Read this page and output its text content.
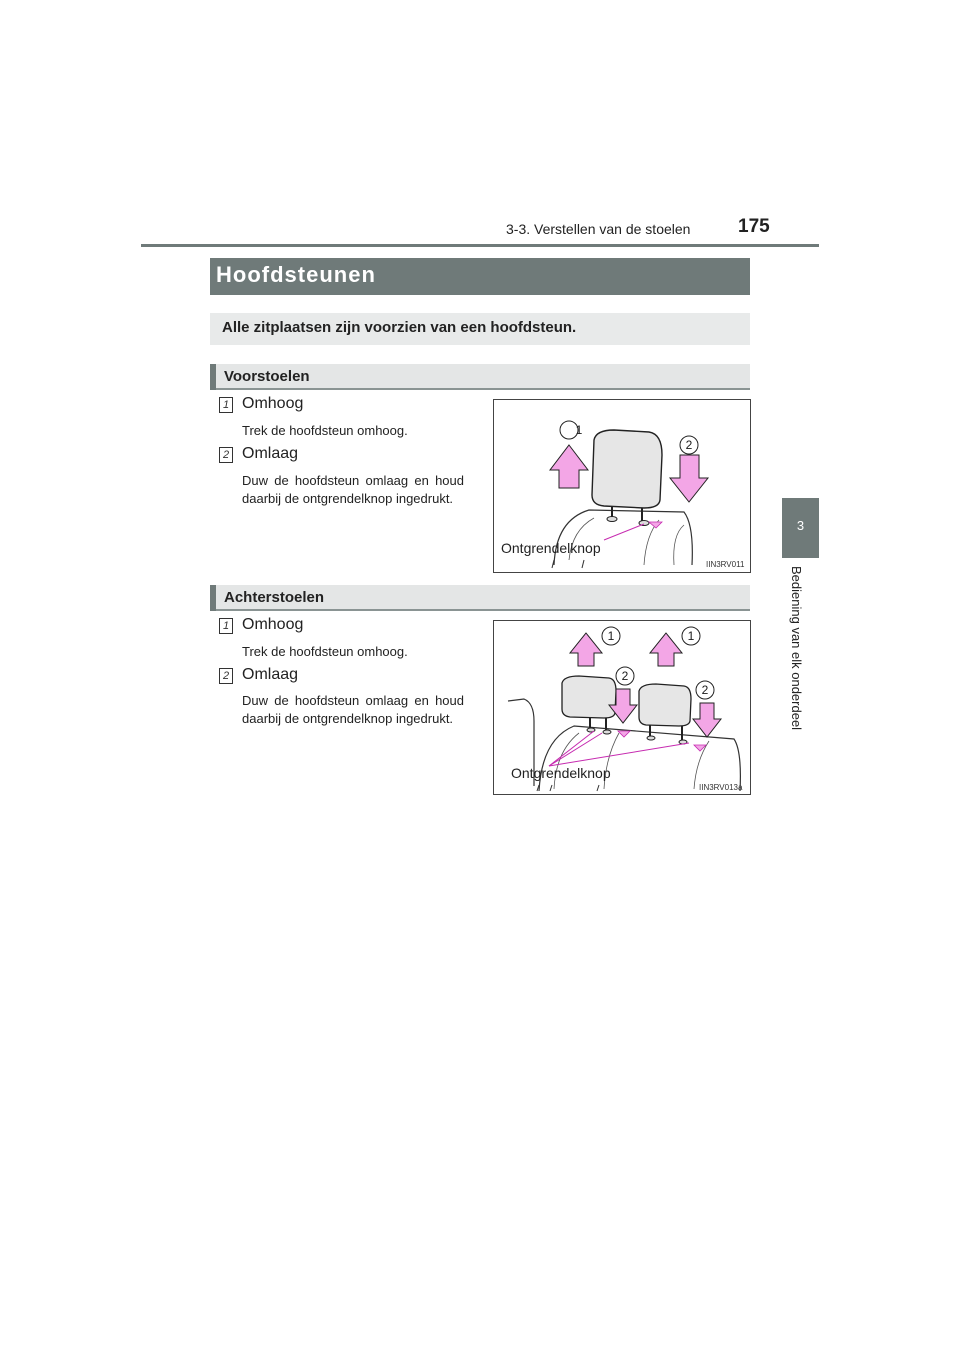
3-3. Verstellen van de stoelen	175
3
Bediening van elk onderdeel
Hoofdsteunen
Alle zitplaatsen zijn voorzien van een hoofdsteun.
Voorstoelen
1 Omhoog
Trek de hoofdsteun omhoog.
2 Omlaag
Duw de hoofdsteun omlaag en houd daarbij de ontgrendelknop ingedrukt.
1
2
Ontgrendelknop
IIN3RV011
Achterstoelen
1 Omhoog
Trek de hoofdsteun omhoog.
2 Omlaag
Duw de hoofdsteun omlaag en houd daarbij de ontgrendelknop ingedrukt.
1	1
2
2
Ontgrendelknop
IIN3RV013a
